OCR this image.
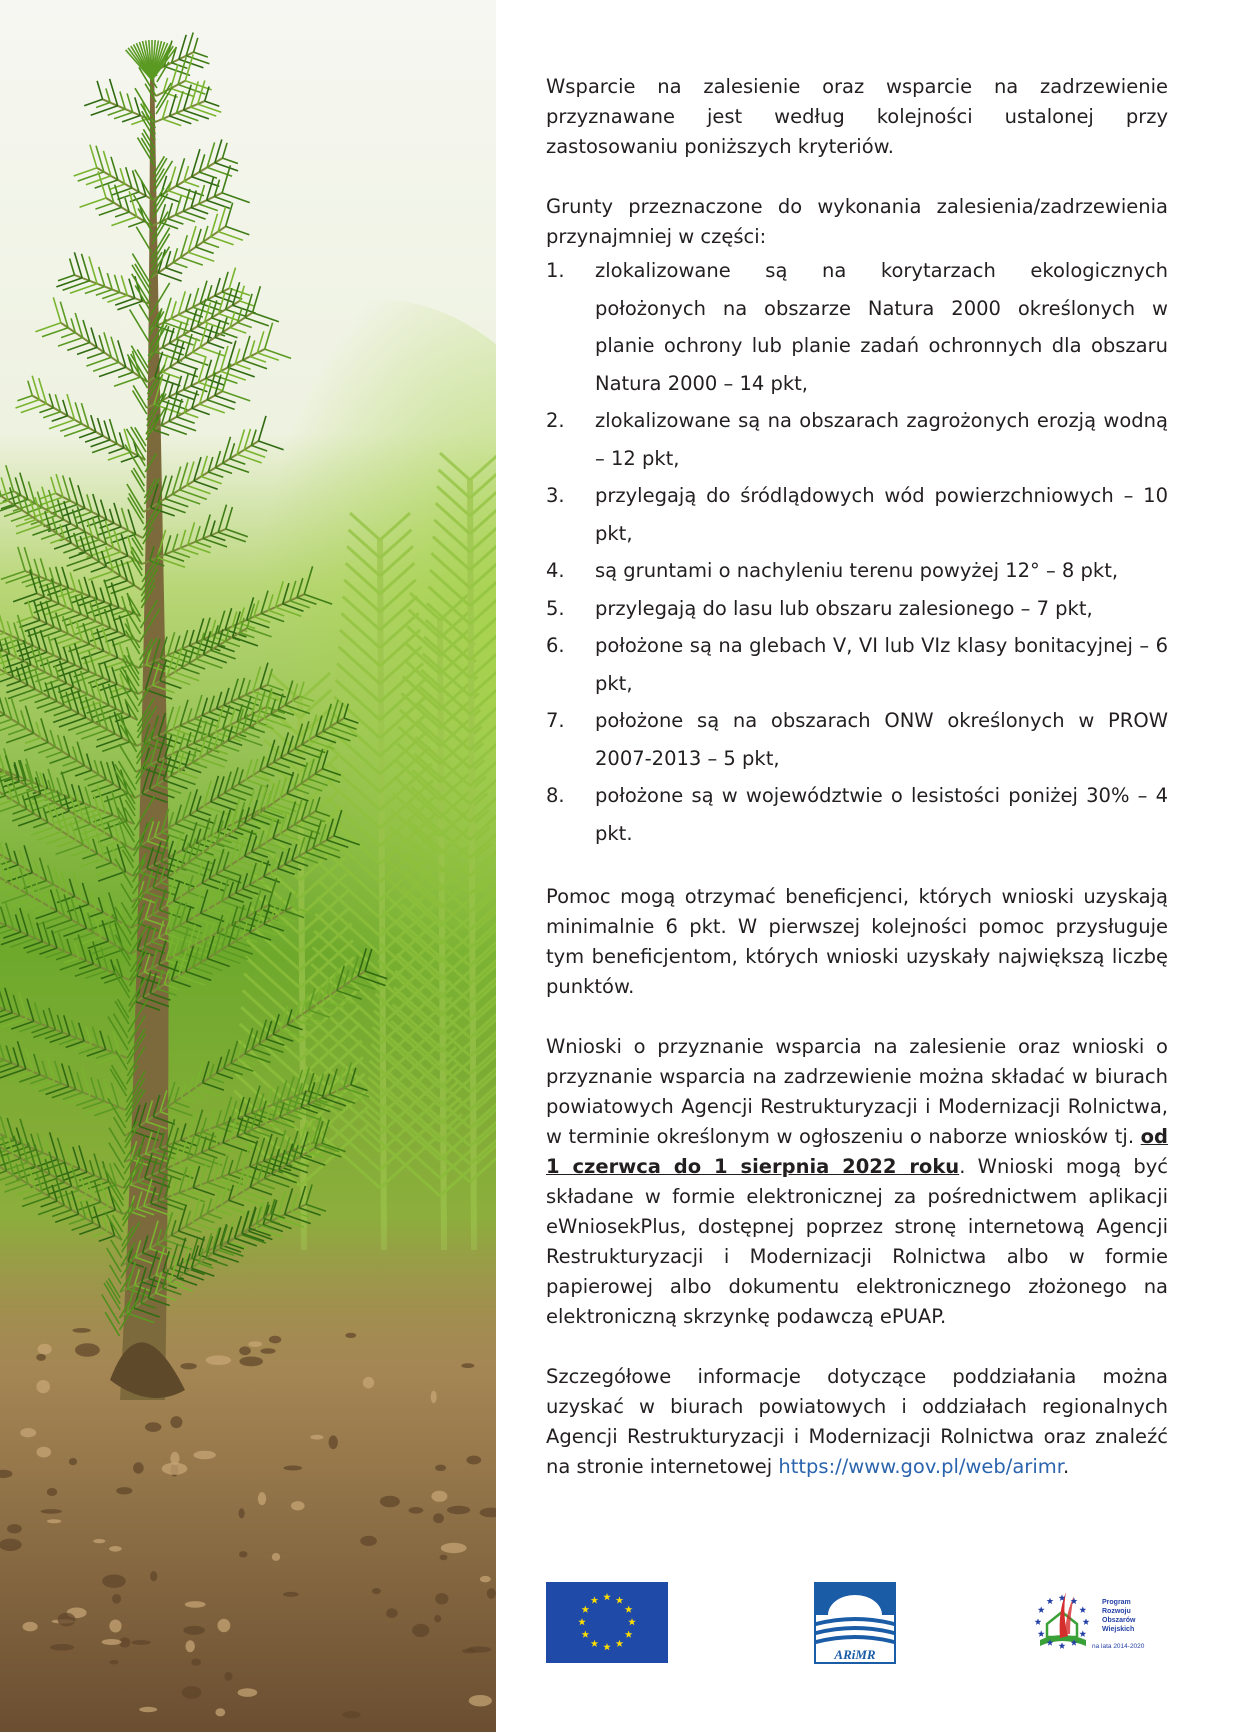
Wsparcie na zalesienie oraz wsparcie na zadrzewienie przyznawane jest według kolejności ustalonej przy zastosowaniu poniższych kryteriów.

Grunty przeznaczone do wykonania zalesienia/zadrzewienia przynajmniej w części:

1. zlokalizowane są na korytarzach ekologicznych położonych na obszarze Natura 2000 określonych w planie ochrony lub planie zadań ochronnych dla obszaru Natura 2000 – 14 pkt,
2. zlokalizowane są na obszarach zagrożonych erozją wodną – 12 pkt,
3. przylegają do śródlądowych wód powierzchniowych – 10 pkt,
4. są gruntami o nachyleniu terenu powyżej 12° – 8 pkt,
5. przylegają do lasu lub obszaru zalesionego – 7 pkt,
6. położone są na glebach V, VI lub VIz klasy bonitacyjnej – 6 pkt,
7. położone są na obszarach ONW określonych w PROW 2007-2013 – 5 pkt,
8. położone są w województwie o lesistości poniżej 30% – 4 pkt.

Pomoc mogą otrzymać beneficjenci, których wnioski uzyskają minimalnie 6 pkt. W pierwszej kolejności pomoc przysługuje tym beneficjentom, których wnioski uzyskały największą liczbę punktów.

Wnioski o przyznanie wsparcia na zalesienie oraz wnioski o przyznanie wsparcia na zadrzewienie można składać w biurach powiatowych Agencji Restrukturyzacji i Modernizacji Rolnictwa, w terminie określonym w ogłoszeniu o naborze wniosków tj. od 1 czerwca do 1 sierpnia 2022 roku. Wnioski mogą być składane w formie elektronicznej za pośrednictwem aplikacji eWniosekPlus, dostępnej poprzez stronę internetową Agencji Restrukturyzacji i Modernizacji Rolnictwa albo w formie papierowej albo dokumentu elektronicznego złożonego na elektroniczną skrzynkę podawczą ePUAP.

Szczegółowe informacje dotyczące poddziałania można uzyskać w biurach powiatowych i oddziałach regionalnych Agencji Restrukturyzacji i Modernizacji Rolnictwa oraz znaleźć na stronie internetowej https://www.gov.pl/web/arimr.

ARiMR
Program
Rozwoju
Obszarów
Wiejskich
na lata 2014-2020
